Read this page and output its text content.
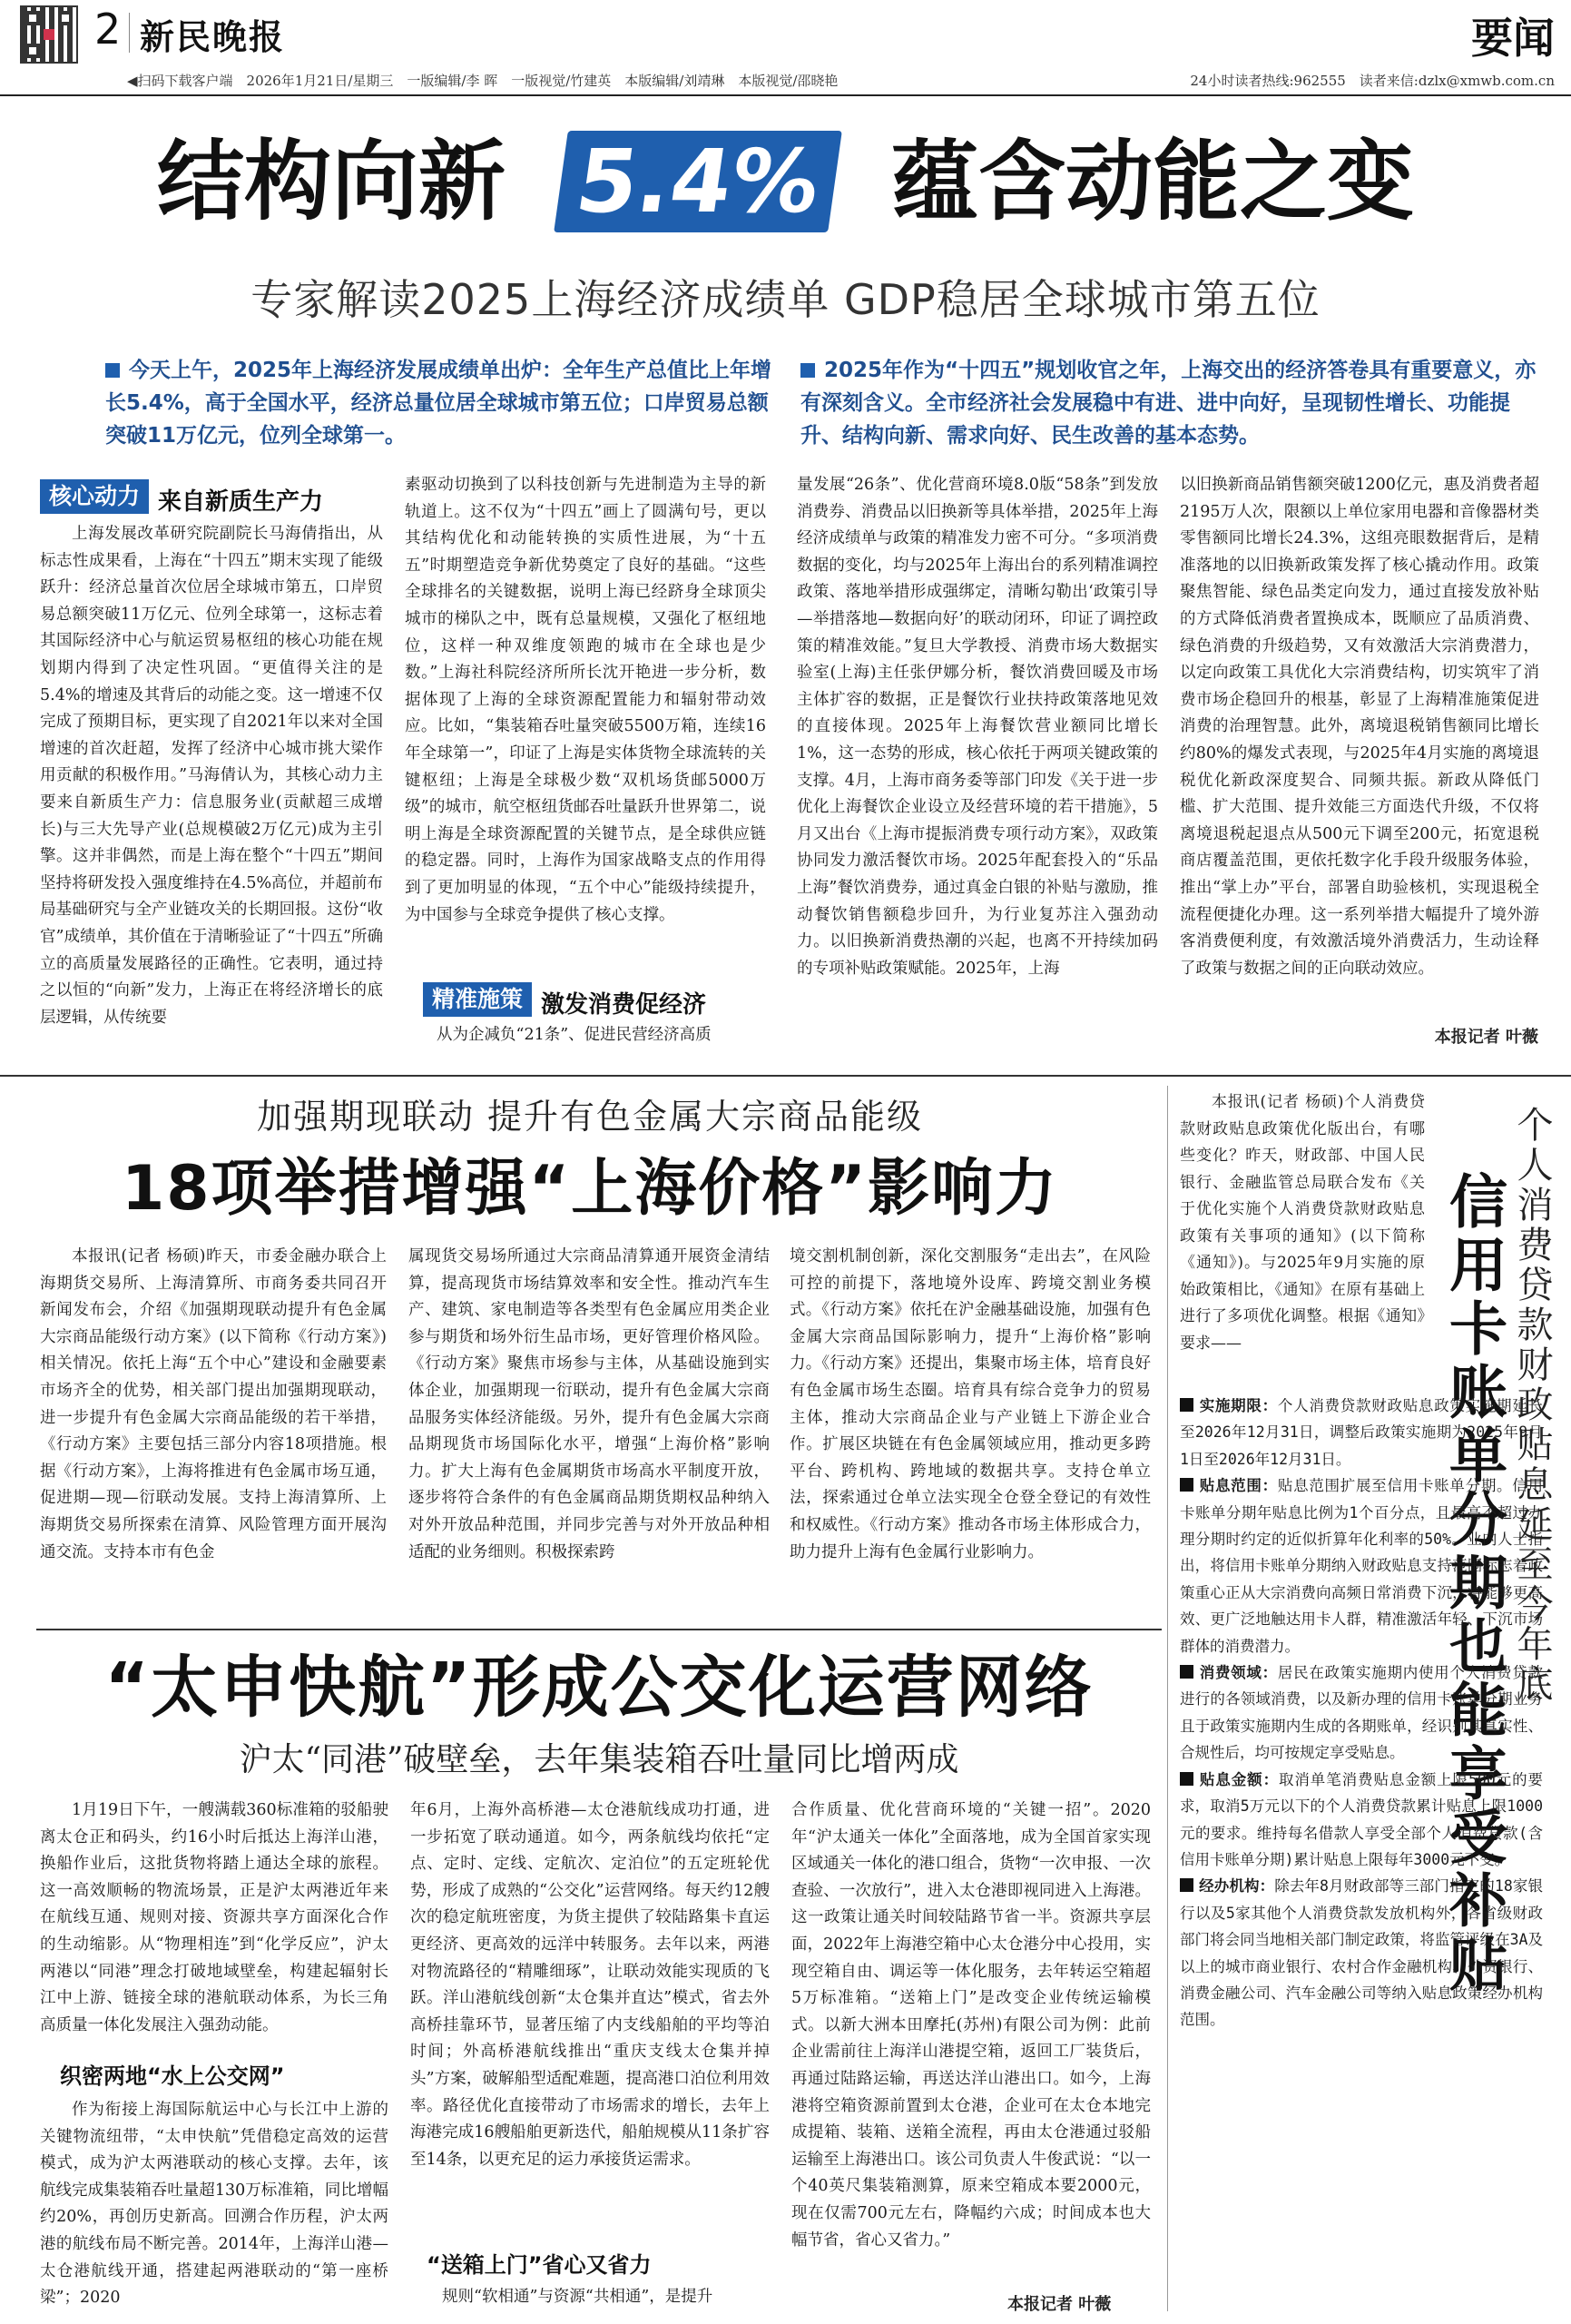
2 新民晚报	要闻
◀扫码下载客户端　2026年1月21日/星期三　一版编辑/李 晖　一版视觉/竹建英　本版编辑/刘靖琳　本版视觉/邵晓艳	24小时读者热线:962555　读者来信:dzlx@xmwb.com.cn
结构向新 5.4% 蕴含动能之变
专家解读2025上海经济成绩单 GDP稳居全球城市第五位
今天上午，2025年上海经济发展成绩单出炉：全年生产总值比上年增长5.4%，高于全国水平，经济总量位居全球城市第五位；口岸贸易总额突破11万亿元，位列全球第一。
2025年作为“十四五”规划收官之年，上海交出的经济答卷具有重要意义，亦有深刻含义。全市经济社会发展稳中有进、进中向好，呈现韧性增长、功能提升、结构向新、需求向好、民生改善的基本态势。
核心动力 来自新质生产力

上海发展改革研究院副院长马海倩指出，从标志性成果看，上海在“十四五”期末实现了能级跃升：经济总量首次位居全球城市第五，口岸贸易总额突破11万亿元、位列全球第一，这标志着其国际经济中心与航运贸易枢纽的核心功能在规划期内得到了决定性巩固。“更值得关注的是5.4%的增速及其背后的动能之变。这一增速不仅完成了预期目标，更实现了自2021年以来对全国增速的首次赶超，发挥了经济中心城市挑大梁作用贡献的积极作用。”马海倩认为，其核心动力主要来自新质生产力：信息服务业(贡献超三成增长)与三大先导产业(总规模破2万亿元)成为主引擎。这并非偶然，而是上海在整个“十四五”期间坚持将研发投入强度维持在4.5%高位，并超前布局基础研究与全产业链攻关的长期回报。这份“收官”成绩单，其价值在于清晰验证了“十四五”所确立的高质量发展路径的正确性。它表明，通过持之以恒的“向新”发力，上海正在将经济增长的底层逻辑，从传统要

素驱动切换到了以科技创新与先进制造为主导的新轨道上。这不仅为“十四五”画上了圆满句号，更以其结构优化和动能转换的实质性进展，为“十五五”时期塑造竞争新优势奠定了良好的基础。“这些全球排名的关键数据，说明上海已经跻身全球顶尖城市的梯队之中，既有总量规模，又强化了枢纽地位，这样一种双维度领跑的城市在全球也是少数。”上海社科院经济所所长沈开艳进一步分析，数据体现了上海的全球资源配置能力和辐射带动效应。比如，“集装箱吞吐量突破5500万箱，连续16年全球第一”，印证了上海是实体货物全球流转的关键枢纽；上海是全球极少数“双机场货邮5000万级”的城市，航空枢纽货邮吞吐量跃升世界第二，说明上海是全球资源配置的关键节点，是全球供应链的稳定器。同时，上海作为国家战略支点的作用得到了更加明显的体现，“五个中心”能级持续提升，为中国参与全球竞争提供了核心支撑。
精准施策 激发消费促经济

从为企减负“21条”、促进民营经济高质

量发展“26条”、优化营商环境8.0版“58条”到发放消费券、消费品以旧换新等具体举措，2025年上海经济成绩单与政策的精准发力密不可分。“多项消费数据的变化，均与2025年上海出台的系列精准调控政策、落地举措形成强绑定，清晰勾勒出‘政策引导—举措落地—数据向好’的联动闭环，印证了调控政策的精准效能。”复旦大学教授、消费市场大数据实验室(上海)主任张伊娜分析，餐饮消费回暖及市场主体扩容的数据，正是餐饮行业扶持政策落地见效的直接体现。2025年上海餐饮营业额同比增长1%，这一态势的形成，核心依托于两项关键政策的支撑。4月，上海市商务委等部门印发《关于进一步优化上海餐饮企业设立及经营环境的若干措施》，5月又出台《上海市提振消费专项行动方案》，双政策协同发力激活餐饮市场。2025年配套投入的“乐品上海”餐饮消费券，通过真金白银的补贴与激励，推动餐饮销售额稳步回升，为行业复苏注入强劲动力。以旧换新消费热潮的兴起，也离不开持续加码的专项补贴政策赋能。2025年，上海
以旧换新商品销售额突破1200亿元，惠及消费者超2195万人次，限额以上单位家用电器和音像器材类零售额同比增长24.3%，这组亮眼数据背后，是精准落地的以旧换新政策发挥了核心撬动作用。政策聚焦智能、绿色品类定向发力，通过直接发放补贴的方式降低消费者置换成本，既顺应了品质消费、绿色消费的升级趋势，又有效激活大宗消费潜力，以定向政策工具优化大宗消费结构，切实筑牢了消费市场企稳回升的根基，彰显了上海精准施策促进消费的治理智慧。此外，离境退税销售额同比增长约80%的爆发式表现，与2025年4月实施的离境退税优化新政深度契合、同频共振。新政从降低门槛、扩大范围、提升效能三方面迭代升级，不仅将离境退税起退点从500元下调至200元，拓宽退税商店覆盖范围，更依托数字化手段升级服务体验，推出“掌上办”平台，部署自助验核机，实现退税全流程便捷化办理。这一系列举措大幅提升了境外游客消费便利度，有效激活境外消费活力，生动诠释了政策与数据之间的正向联动效应。
本报记者 叶薇
加强期现联动 提升有色金属大宗商品能级
18项举措增强“上海价格”影响力

本报讯(记者 杨硕)昨天，市委金融办联合上海期货交易所、上海清算所、市商务委共同召开新闻发布会，介绍《加强期现联动提升有色金属大宗商品能级行动方案》(以下简称《行动方案》)相关情况。依托上海“五个中心”建设和金融要素市场齐全的优势，相关部门提出加强期现联动，进一步提升有色金属大宗商品能级的若干举措，《行动方案》主要包括三部分内容18项措施。根据《行动方案》，上海将推进有色金属市场互通，促进期—现—衍联动发展。支持上海清算所、上海期货交易所探索在清算、风险管理方面开展沟通交流。支持本市有色金

属现货交易场所通过大宗商品清算通开展资金清结算，提高现货市场结算效率和安全性。推动汽车生产、建筑、家电制造等各类型有色金属应用类企业参与期货和场外衍生品市场，更好管理价格风险。《行动方案》聚焦市场参与主体，从基础设施到实体企业，加强期现一衍联动，提升有色金属大宗商品服务实体经济能级。另外，提升有色金属大宗商品期现货市场国际化水平，增强“上海价格”影响力。扩大上海有色金属期货市场高水平制度开放，逐步将符合条件的有色金属商品期货期权品种纳入对外开放品种范围，并同步完善与对外开放品种相适配的业务细则。积极探索跨
境交割机制创新，深化交割服务“走出去”，在风险可控的前提下，落地境外设库、跨境交割业务模式。《行动方案》依托在沪金融基础设施，加强有色金属大宗商品国际影响力，提升“上海价格”影响力。《行动方案》还提出，集聚市场主体，培育良好有色金属市场生态圈。培育具有综合竞争力的贸易主体，推动大宗商品企业与产业链上下游企业合作。扩展区块链在有色金属领域应用，推动更多跨平台、跨机构、跨地域的数据共享。支持仓单立法，探索通过仓单立法实现全仓登全登记的有效性和权威性。《行动方案》推动各市场主体形成合力，助力提升上海有色金属行业影响力。
“太申快航”形成公交化运营网络
沪太“同港”破壁垒，去年集装箱吞吐量同比增两成

1月19日下午，一艘满载360标准箱的驳船驶离太仓正和码头，约16小时后抵达上海洋山港，换船作业后，这批货物将踏上通达全球的旅程。这一高效顺畅的物流场景，正是沪太两港近年来在航线互通、规则对接、资源共享方面深化合作的生动缩影。从“物理相连”到“化学反应”，沪太两港以“同港”理念打破地域壁垒，构建起辐射长江中上游、链接全球的港航联动体系，为长三角高质量一体化发展注入强劲动能。

织密两地“水上公交网”

作为衔接上海国际航运中心与长江中上游的关键物流纽带，“太申快航”凭借稳定高效的运营模式，成为沪太两港联动的核心支撑。去年，该航线完成集装箱吞吐量超130万标准箱，同比增幅约20%，再创历史新高。回溯合作历程，沪太两港的航线布局不断完善。2014年，上海洋山港—太仓港航线开通，搭建起两港联动的“第一座桥梁”；2020

年6月，上海外高桥港—太仓港航线成功打通，进一步拓宽了联动通道。如今，两条航线均依托“定点、定时、定线、定航次、定泊位”的五定班轮优势，形成了成熟的“公交化”运营网络。每天约12艘次的稳定航班密度，为货主提供了较陆路集卡直运更经济、更高效的远洋中转服务。去年以来，两港对物流路径的“精雕细琢”，让联动效能实现质的飞跃。洋山港航线创新“太仓集并直达”模式，省去外高桥挂靠环节，显著压缩了内支线船舶的平均等泊时间；外高桥港航线推出“重庆支线太仓集并掉头”方案，破解船型适配难题，提高港口泊位利用效率。路径优化直接带动了市场需求的增长，去年上海港完成16艘船舶更新迭代，船舶规模从11条扩容至14条，以更充足的运力承接货运需求。
“送箱上门”省心又省力

规则“软相通”与资源“共相通”，是提升

合作质量、优化营商环境的“关键一招”。2020年“沪太通关一体化”全面落地，成为全国首家实现区域通关一体化的港口组合，货物“一次申报、一次查验、一次放行”，进入太仓港即视同进入上海港。这一政策让通关时间较陆路节省一半。资源共享层面，2022年上海港空箱中心太仓港分中心投用，实现空箱自由、调运等一体化服务，去年转运空箱超5万标准箱。“送箱上门”是改变企业传统运输模式。以新大洲本田摩托(苏州)有限公司为例：此前企业需前往上海洋山港提空箱，返回工厂装货后，再通过陆路运输，再送达洋山港出口。如今，上海港将空箱资源前置到太仓港，企业可在太仓本地完成提箱、装箱、送箱全流程，再由太仓港通过驳船运输至上海港出口。该公司负责人牛俊武说：“以一个40英尺集装箱测算，原来空箱成本要2000元，现在仅需700元左右，降幅约六成；时间成本也大幅节省，省心又省力。”
本报记者 叶薇
本报讯(记者 杨硕)个人消费贷款财政贴息政策优化版出台，有哪些变化？昨天，财政部、中国人民银行、金融监管总局联合发布《关于优化实施个人消费贷款财政贴息政策有关事项的通知》(以下简称《通知》)。与2025年9月实施的原始政策相比，《通知》在原有基础上进行了多项优化调整。根据《通知》要求——	信用卡账单分期也能享受补贴 个人消费贷款财政贴息延至今年底
实施期限：个人消费贷款财政贴息政策实施期延长至2026年12月31日，调整后政策实施期为2025年9月1日至2026年12月31日。
贴息范围：贴息范围扩展至信用卡账单分期。信用卡账单分期年贴息比例为1个百分点，且最高不超过办理分期时约定的近似折算年化利率的50%。业内人士指出，将信用卡账单分期纳入财政贴息支持范围标志着政策重心正从大宗消费向高频日常消费下沉，将能够更高效、更广泛地触达用卡人群，精准激活年轻、下沉市场群体的消费潜力。
消费领域：居民在政策实施期内使用个人消费贷款进行的各领域消费，以及新办理的信用卡账单分期业务且于政策实施期内生成的各期账单，经识别其真实性、合规性后，均可按规定享受贴息。
贴息金额：取消单笔消费贴息金额上限500元的要求，取消5万元以下的个人消费贷款累计贴息上限1000元的要求。维持每名借款人享受全部个人消费贷款(含信用卡账单分期)累计贴息上限每年3000元不变。
经办机构：除去年8月财政部等三部门指定的18家银行以及5家其他个人消费贷款发放机构外，各省级财政部门将会同当地相关部门制定政策，将监管评级在3A及以上的城市商业银行、农村合作金融机构、外资银行、消费金融公司、汽车金融公司等纳入贴息政策经办机构范围。
